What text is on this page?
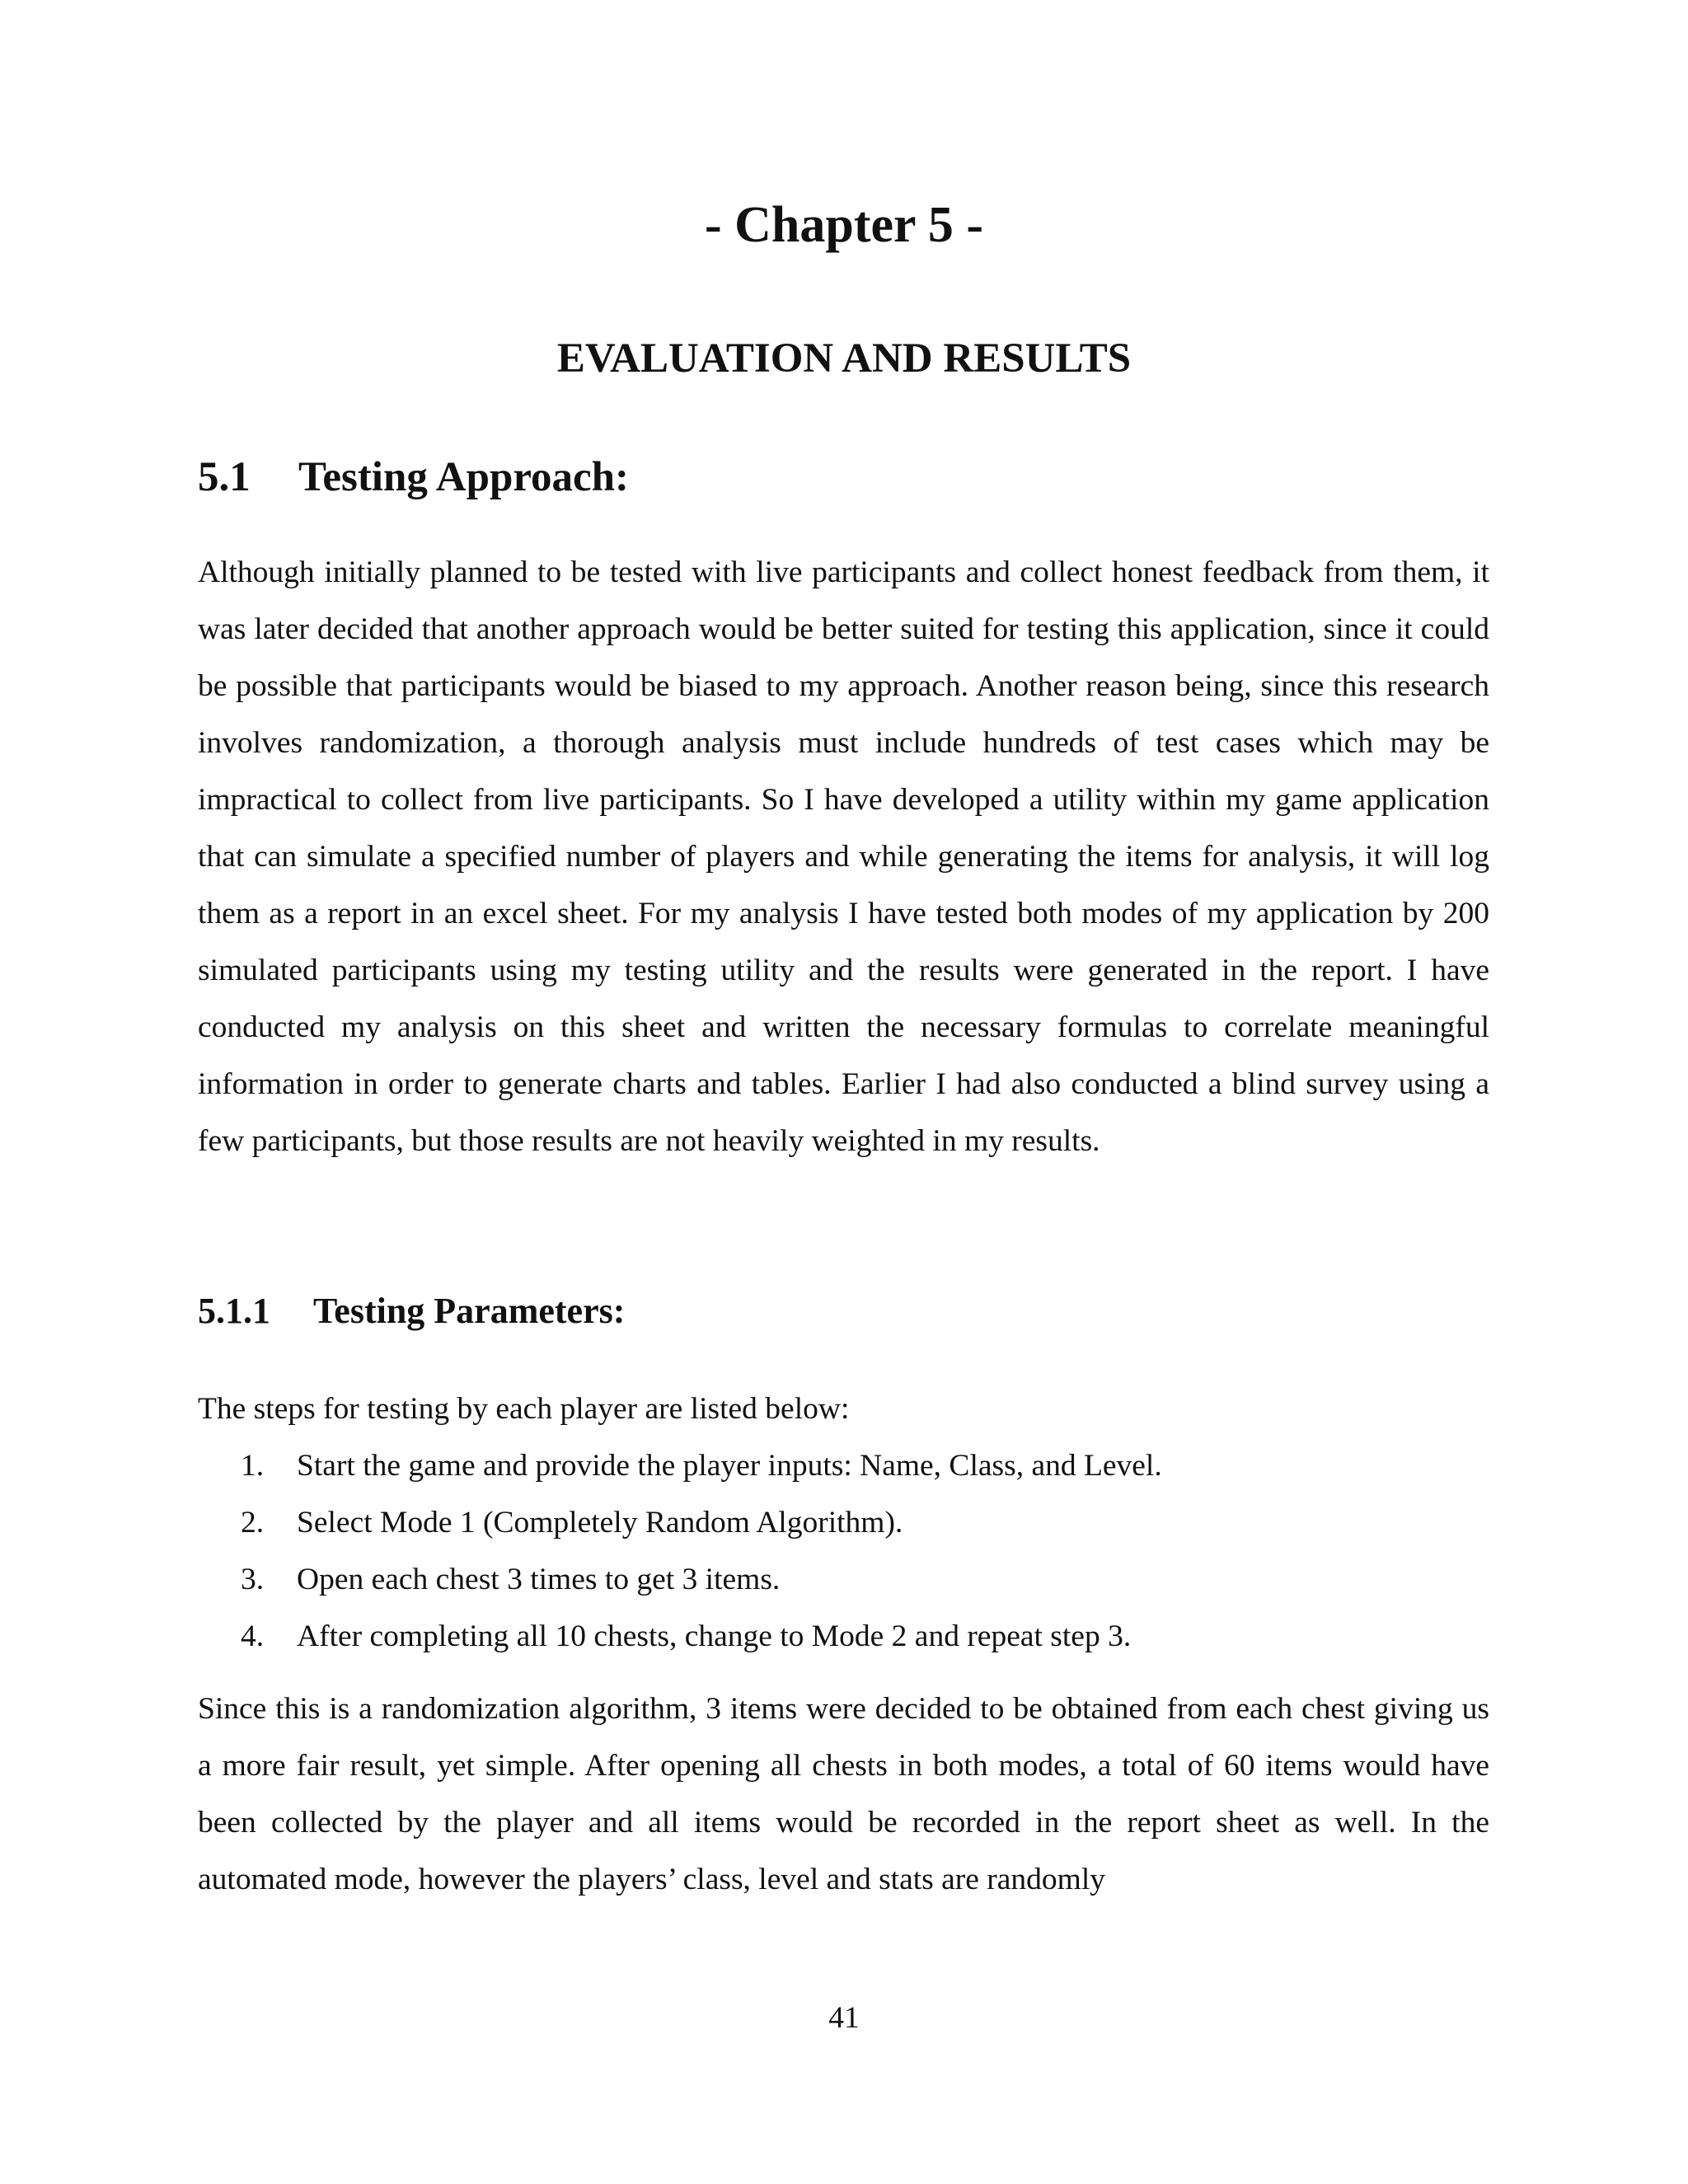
- Chapter 5 -
EVALUATION AND RESULTS
5.1 Testing Approach:

Although initially planned to be tested with live participants and collect honest feedback from them, it was later decided that another approach would be better suited for testing this application, since it could be possible that participants would be biased to my approach. Another reason being, since this research involves randomization, a thorough analysis must include hundreds of test cases which may be impractical to collect from live participants. So I have developed a utility within my game application that can simulate a specified number of players and while generating the items for analysis, it will log them as a report in an excel sheet. For my analysis I have tested both modes of my application by 200 simulated participants using my testing utility and the results were generated in the report. I have conducted my analysis on this sheet and written the necessary formulas to correlate meaningful information in order to generate charts and tables. Earlier I had also conducted a blind survey using a few participants, but those results are not heavily weighted in my results.

5.1.1 Testing Parameters:

The steps for testing by each player are listed below:

1. Start the game and provide the player inputs: Name, Class, and Level.
2. Select Mode 1 (Completely Random Algorithm).
3. Open each chest 3 times to get 3 items.
4. After completing all 10 chests, change to Mode 2 and repeat step 3.

Since this is a randomization algorithm, 3 items were decided to be obtained from each chest giving us a more fair result, yet simple. After opening all chests in both modes, a total of 60 items would have been collected by the player and all items would be recorded in the report sheet as well. In the automated mode, however the players’ class, level and stats are randomly

41
